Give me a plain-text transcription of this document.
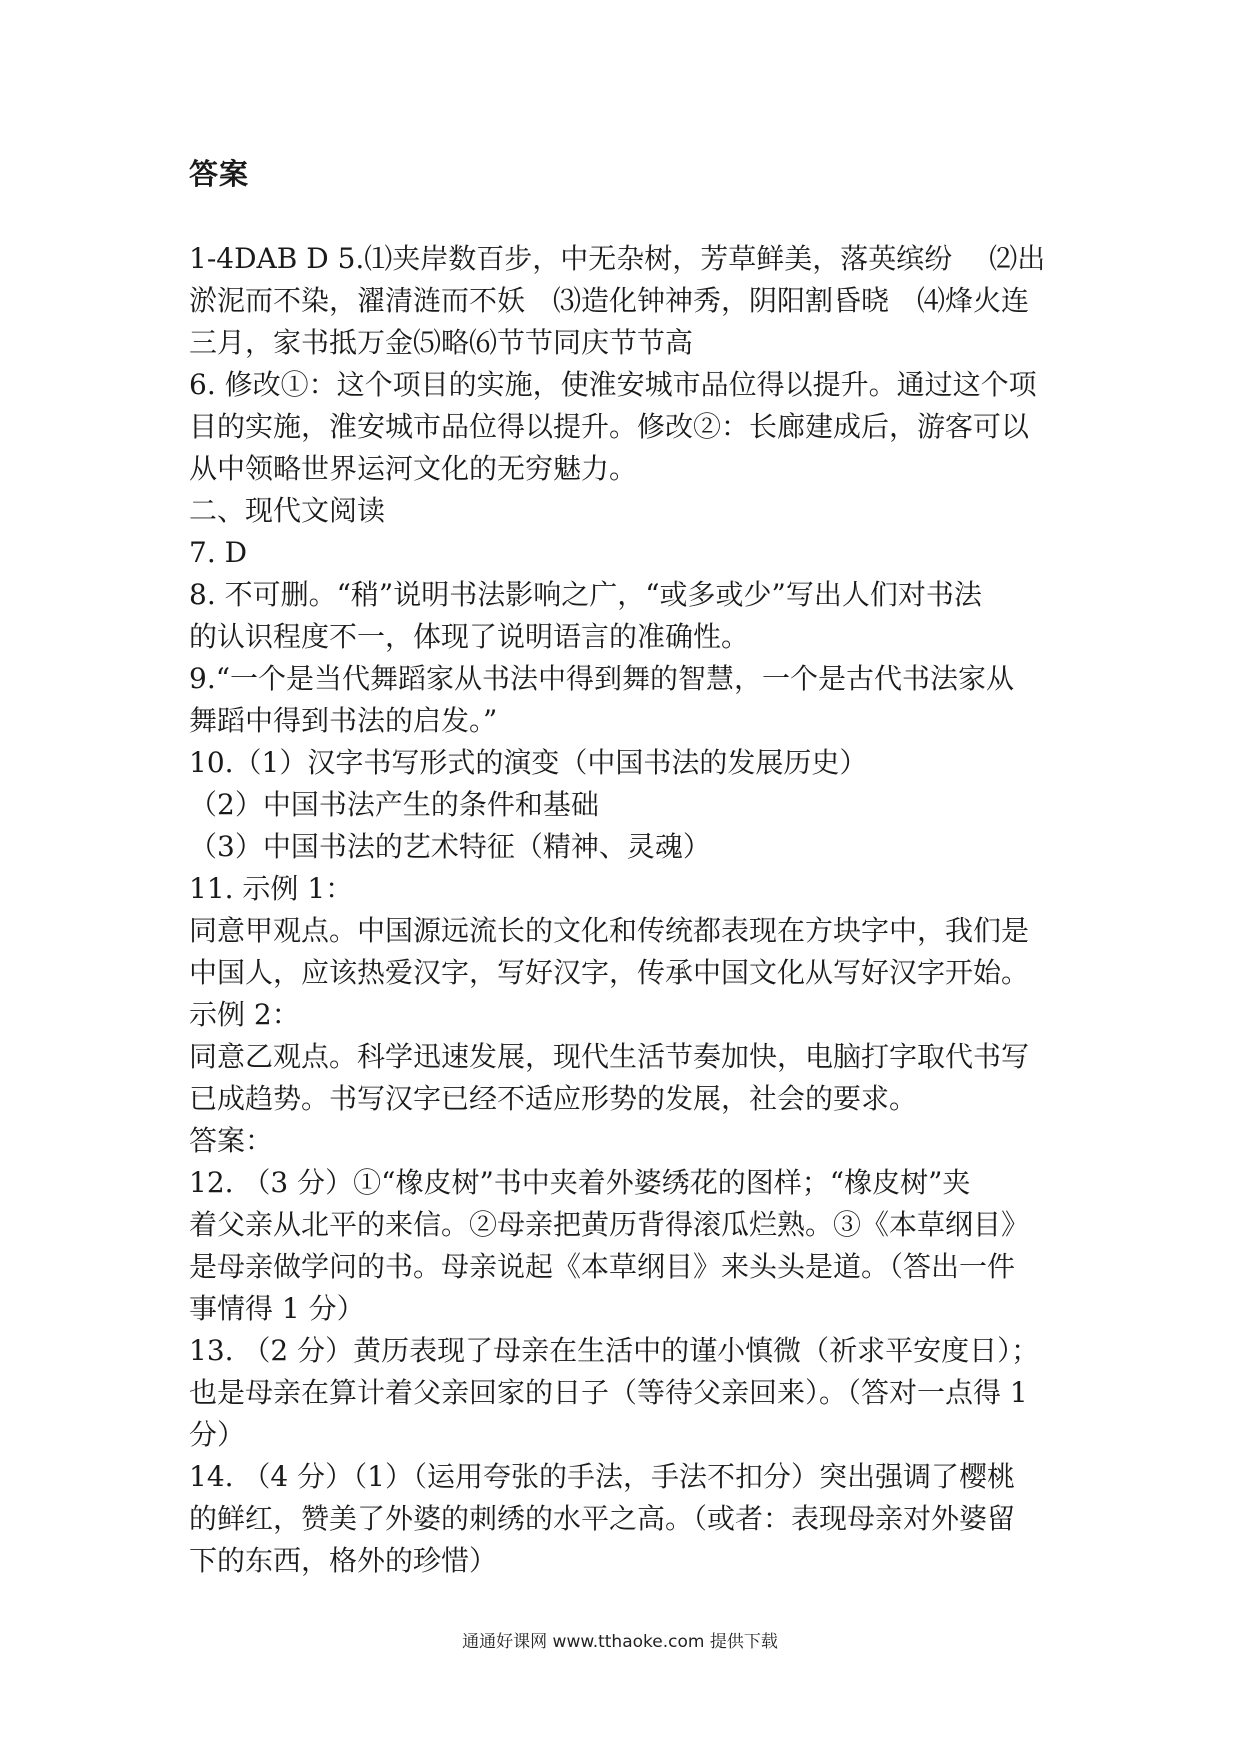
答案

1-4DAB D 5.⑴夹岸数百步，中无杂树，芳草鲜美，落英缤纷　 ⑵出

淤泥而不染，濯清涟而不妖　⑶造化钟神秀，阴阳割昏晓　⑷烽火连

三月，家书抵万金⑸略⑹节节同庆节节高

6. 修改①：这个项目的实施，使淮安城市品位得以提升。通过这个项

目的实施，淮安城市品位得以提升。修改②：长廊建成后，游客可以

从中领略世界运河文化的无穷魅力。

二、现代文阅读

7. D

8. 不可删。“稍”说明书法影响之广，“或多或少”写出人们对书法

的认识程度不一，体现了说明语言的准确性。

9.“一个是当代舞蹈家从书法中得到舞的智慧，一个是古代书法家从

舞蹈中得到书法的启发。”

10.（1）汉字书写形式的演变（中国书法的发展历史）

（2）中国书法产生的条件和基础

（3）中国书法的艺术特征（精神、灵魂）

11. 示例 1：

同意甲观点。中国源远流长的文化和传统都表现在方块字中，我们是

中国人，应该热爱汉字，写好汉字，传承中国文化从写好汉字开始。

示例 2：

同意乙观点。科学迅速发展，现代生活节奏加快，电脑打字取代书写

已成趋势。书写汉字已经不适应形势的发展，社会的要求。

答案：

12. （3 分）①“橡皮树”书中夹着外婆绣花的图样；“橡皮树”夹

着父亲从北平的来信。②母亲把黄历背得滚瓜烂熟。③《本草纲目》

是母亲做学问的书。母亲说起《本草纲目》来头头是道。（答出一件

事情得 1 分）

13. （2 分）黄历表现了母亲在生活中的谨小慎微（祈求平安度日）；

也是母亲在算计着父亲回家的日子（等待父亲回来）。（答对一点得 1

分）

14. （4 分）（1）（运用夸张的手法，手法不扣分）突出强调了樱桃

的鲜红，赞美了外婆的刺绣的水平之高。（或者：表现母亲对外婆留

下的东西，格外的珍惜）

通通好课网 www.tthaoke.com 提供下载
